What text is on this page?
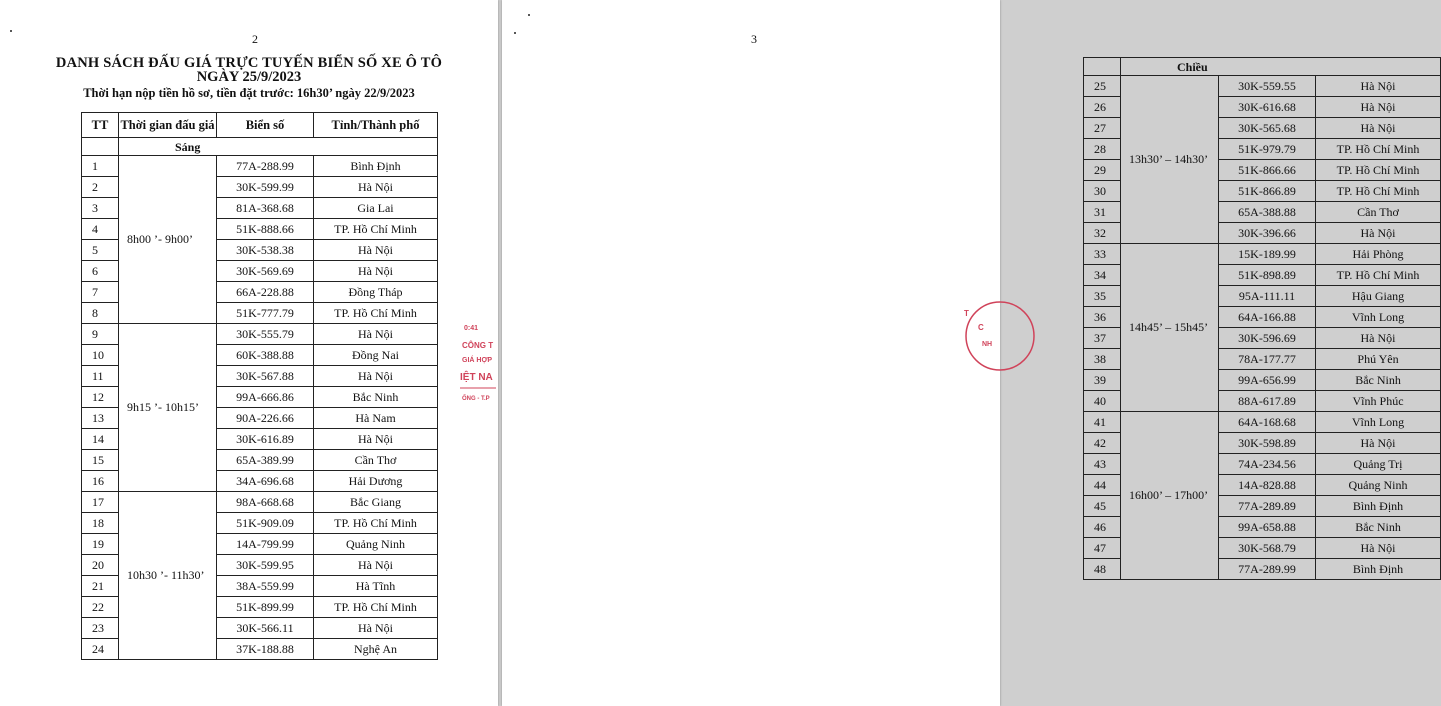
2
DANH SÁCH ĐẤU GIÁ TRỰC TUYẾN BIỂN SỐ XE Ô TÔ
NGÀY 25/9/2023
Thời hạn nộp tiền hồ sơ, tiền đặt trước: 16h30’ ngày 22/9/2023
TT	Thời gian đấu giá	Biển số	Tỉnh/Thành phố
	Sáng		
1	8h00 ’- 9h00’	77A-288.99	Bình Định
2		30K-599.99	Hà Nội
3		81A-368.68	Gia Lai
4		51K-888.66	TP. Hồ Chí Minh
5		30K-538.38	Hà Nội
6		30K-569.69	Hà Nội
7		66A-228.88	Đồng Tháp
8		51K-777.79	TP. Hồ Chí Minh
9	9h15 ’- 10h15’	30K-555.79	Hà Nội
10		60K-388.88	Đồng Nai
11		30K-567.88	Hà Nội
12		99A-666.86	Bắc Ninh
13		90A-226.66	Hà Nam
14		30K-616.89	Hà Nội
15		65A-389.99	Cần Thơ
16		34A-696.68	Hải Dương
17	10h30 ’- 11h30’	98A-668.68	Bắc Giang
18		51K-909.09	TP. Hồ Chí Minh
19		14A-799.99	Quảng Ninh
20		30K-599.95	Hà Nội
21		38A-559.99	Hà Tĩnh
22		51K-899.99	TP. Hồ Chí Minh
23		30K-566.11	Hà Nội
24		37K-188.88	Nghệ An
0:41
CÔNG T
GIÁ HỢP
IỆT NA
ỐNG - T.P
3
	Chiều		
25	13h30’ – 14h30’	30K-559.55	Hà Nội
26		30K-616.68	Hà Nội
27		30K-565.68	Hà Nội
28		51K-979.79	TP. Hồ Chí Minh
29		51K-866.66	TP. Hồ Chí Minh
30		51K-866.89	TP. Hồ Chí Minh
31		65A-388.88	Cần Thơ
32		30K-396.66	Hà Nội
33	14h45’ – 15h45’	15K-189.99	Hải Phòng
34		51K-898.89	TP. Hồ Chí Minh
35		95A-111.11	Hậu Giang
36		64A-166.88	Vĩnh Long
37		30K-596.69	Hà Nội
38		78A-177.77	Phú Yên
39		99A-656.99	Bắc Ninh
40		88A-617.89	Vĩnh Phúc
41	16h00’ – 17h00’	64A-168.68	Vĩnh Long
42		30K-598.89	Hà Nội
43		74A-234.56	Quảng Trị
44		14A-828.88	Quảng Ninh
45		77A-289.89	Bình Định
46		99A-658.88	Bắc Ninh
47		30K-568.79	Hà Nội
48		77A-289.99	Bình Định
T
C
NH
